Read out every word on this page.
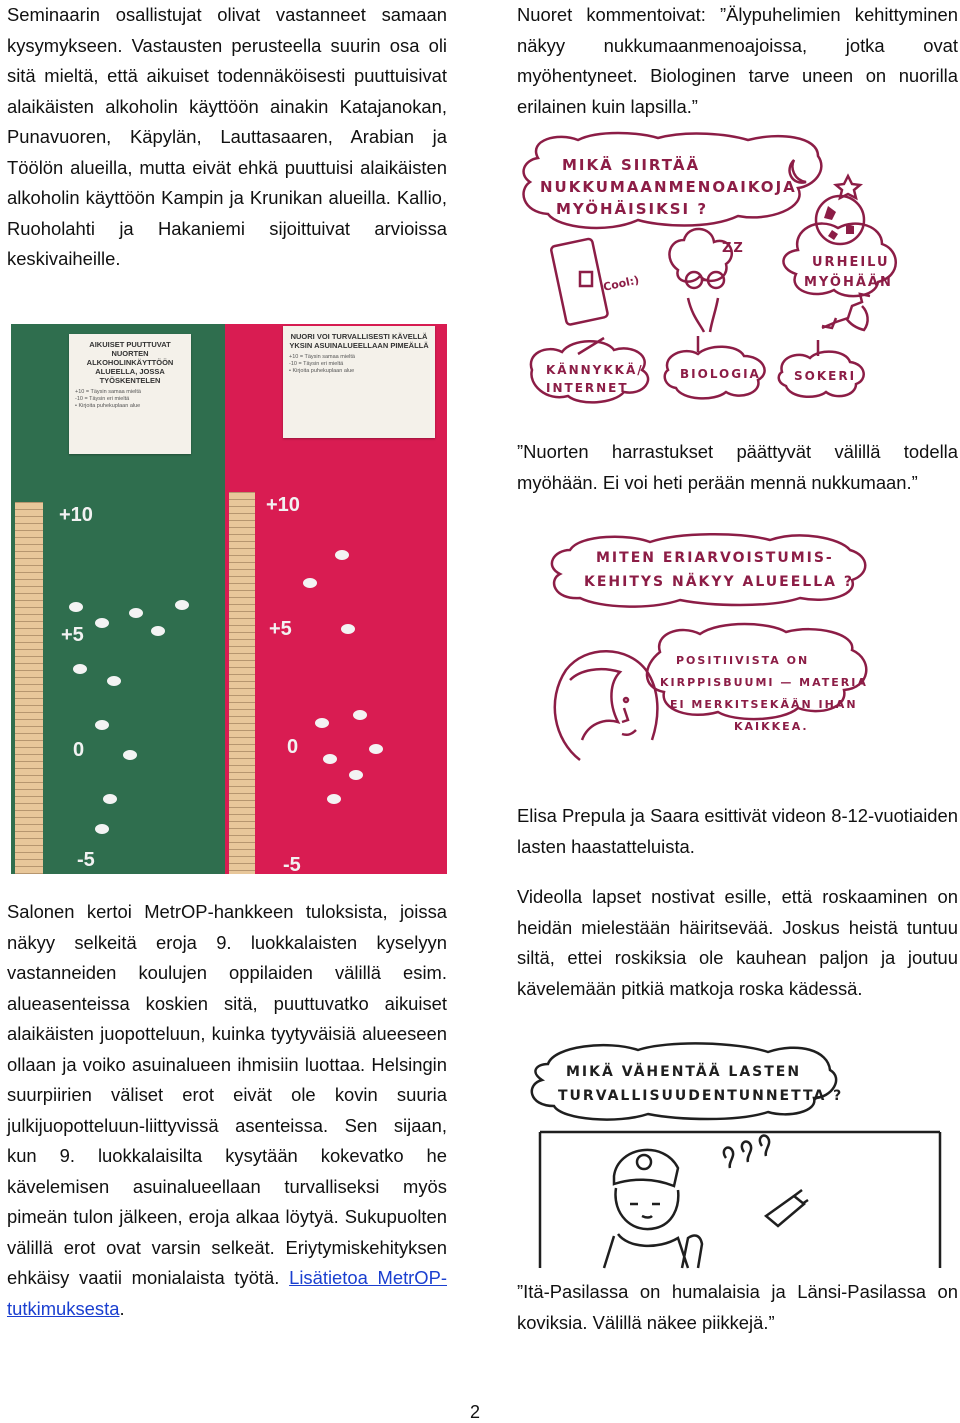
Seminaarin osallistujat olivat vastanneet samaan kysymykseen. Vastausten perusteella suurin osa oli sitä mieltä, että aikuiset todennäköisesti puuttuisivat alaikäisten alkoholin käyttöön ainakin Katajanokan, Punavuoren, Käpylän, Lauttasaaren, Arabian ja Töölön alueilla, mutta eivät ehkä puuttuisi alaikäisten alkoholin käyttöön Kampin ja Krunikan alueilla. Kallio, Ruoholahti ja Hakaniemi sijoittuivat arvioissa keskivaiheille.

AIKUISET PUUTTUVAT NUORTEN ALKOHOLINKÄYTTÖÖN ALUEELLA, JOSSA TYÖSKENTELEN

+10 = Täysin samaa mieltä
-10 = Täysin eri mieltä
• Kirjoita puhekuplaan alue

NUORI VOI TURVALLISESTI KÄVELLÄ YKSIN ASUINALUEELLAAN PIMEÄLLÄ

+10 = Täysin samaa mieltä
-10 = Täysin eri mieltä
• Kirjoita puhekuplaan alue
+10	+10
+5	+5
0	0
-5	-5

Salonen kertoi MetrOP-hankkeen tuloksista, joissa näkyy selkeitä eroja 9. luokkalaisten kyselyyn vastanneiden koulujen oppilaiden välillä esim. alueasenteissa koskien sitä, puuttuvatko aikuiset alaikäisten juopotteluun, kuinka tyytyväisiä alueeseen ollaan ja voiko asuinalueen ihmisiin luottaa. Helsingin suurpiirien väliset erot eivät ole kovin suuria julkijuopotteluun-liittyvissä asenteissa. Sen sijaan, kun 9. luokkalaisilta kysytään kokevatko he kävelemisen asuinalueellaan turvalliseksi myös pimeän tulon jälkeen, eroja alkaa löytyä. Sukupuolten välillä erot ovat varsin selkeät. Eriytymiskehityksen ehkäisy vaatii monialaista työtä. Lisätietoa MetrOP-tutkimuksesta.

Nuoret kommentoivat: ”Älypuhelimien kehittyminen näkyy nukkumaanmenoajoissa, jotka ovat myöhentyneet. Biologinen tarve uneen on nuorilla erilainen kuin lapsilla.”

MIKÄ SIIRTÄÄ
NUKKUMAANMENOAIKOJA
MYÖHÄISIKSI ?
Cool:)
ZZ
URHEILU
MYÖHÄÄN
KÄNNYKKÄ/
INTERNET
BIOLOGIA	SOKERI

”Nuorten harrastukset päättyvät välillä todella myöhään. Ei voi heti perään mennä nukkumaan.”

MITEN ERIARVOISTUMIS-
KEHITYS NÄKYY ALUEELLA ?
POSITIIVISTA ON
KIRPPISBUUMI — MATERIA
EI MERKITSEKÄÄN IHAN
KAIKKEA.

Elisa Prepula ja Saara esittivät videon 8-12-vuotiaiden lasten haastatteluista.

Videolla lapset nostivat esille, että roskaaminen on heidän mielestään häiritsevää. Joskus heistä tuntuu siltä, ettei roskiksia ole kauhean paljon ja joutuu kävelemään pitkiä matkoja roska kädessä.

MIKÄ VÄHENTÄÄ LASTEN
TURVALLISUUDENTUNNETTA ?

”Itä-Pasilassa on humalaisia ja Länsi-Pasilassa on koviksia. Välillä näkee piikkejä.”

2
